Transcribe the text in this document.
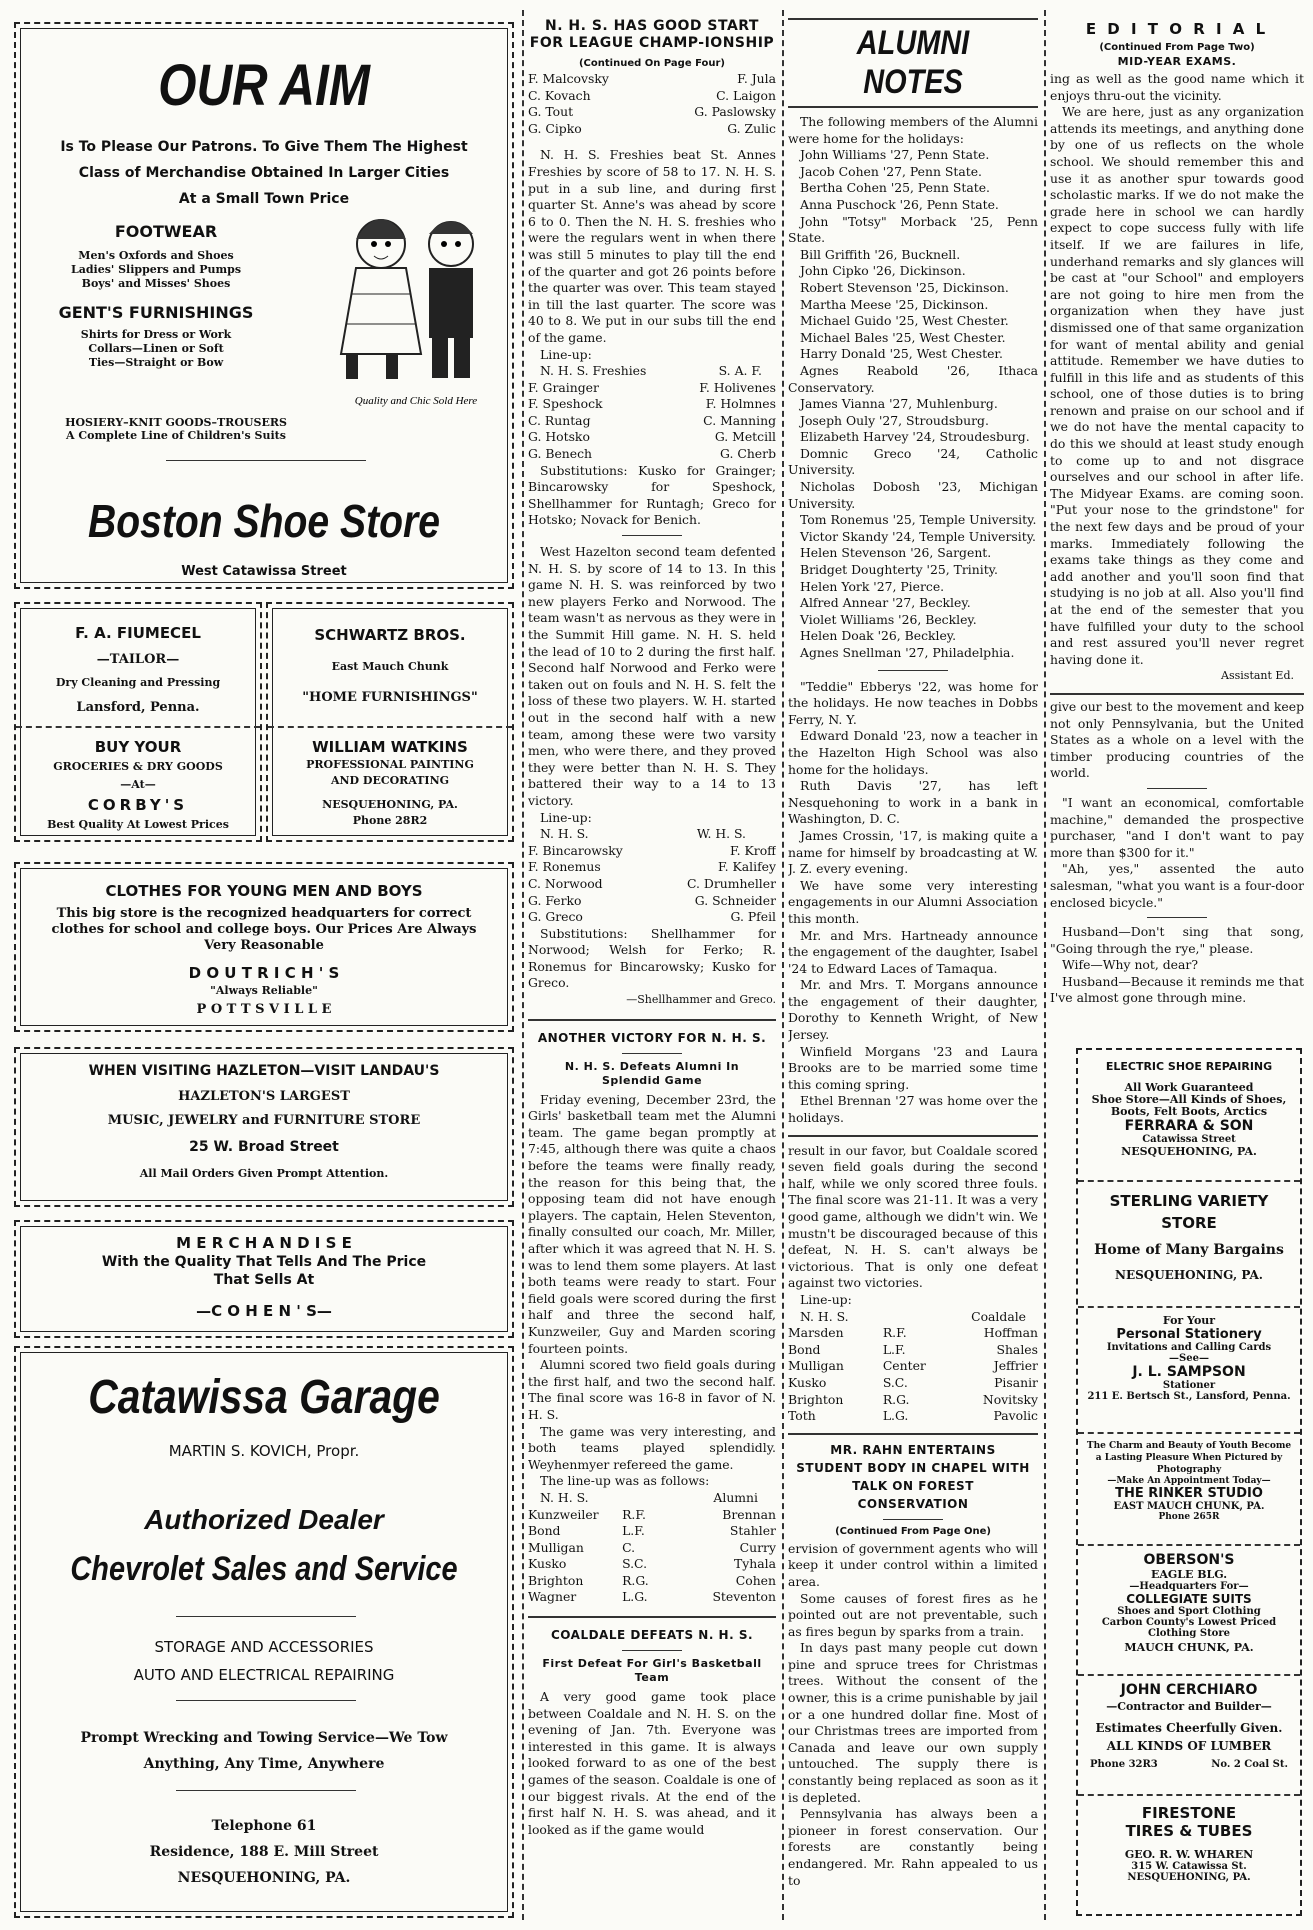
OUR AIM
Is To Please Our Patrons. To Give Them The Highest
Class of Merchandise Obtained In Larger Cities
At a Small Town Price
FOOTWEAR
Men's Oxfords and Shoes
Ladies' Slippers and Pumps
Boys' and Misses' Shoes
GENT'S FURNISHINGS
Shirts for Dress or Work
Collars—Linen or Soft
Ties—Straight or Bow
Quality and Chic Sold Here
HOSIERY–KNIT GOODS–TROUSERS
A Complete Line of Children's Suits
Boston Shoe Store
West Catawissa Street
F. A. FIUMECEL
—TAILOR—
Dry Cleaning and Pressing
Lansford, Penna.
BUY YOUR
GROCERIES & DRY GOODS
—At—
CORBY'S
Best Quality At Lowest Prices
SCHWARTZ BROS.
East Mauch Chunk
"HOME FURNISHINGS"
WILLIAM WATKINS
PROFESSIONAL PAINTING
AND DECORATING
NESQUEHONING, PA.
Phone 28R2
CLOTHES FOR YOUNG MEN AND BOYS
This big store is the recognized headquarters for correct clothes for school and college boys. Our Prices Are Always Very Reasonable
D O U T R I C H ' S
"Always Reliable"
P O T T S V I L L E
WHEN VISITING HAZLETON—VISIT LANDAU'S
HAZLETON'S LARGEST
MUSIC, JEWELRY and FURNITURE STORE
25 W. Broad Street
All Mail Orders Given Prompt Attention.
M E R C H A N D I S E
With the Quality That Tells And The Price
That Sells At
—C O H E N ' S—
Catawissa Garage
MARTIN S. KOVICH, Propr.
Authorized Dealer
Chevrolet Sales and Service
STORAGE AND ACCESSORIES
AUTO AND ELECTRICAL REPAIRING
Prompt Wrecking and Towing Service—We Tow
Anything, Any Time, Anywhere
Telephone 61
Residence, 188 E. Mill Street
NESQUEHONING, PA.
N. H. S. HAS GOOD START FOR LEAGUE CHAMP-IONSHIP
(Continued On Page Four)
F. Malcovsky	F. Jula
C. Kovach	C. Laigon
G. Tout	G. Paslowsky
G. Cipko	G. Zulic

N. H. S. Freshies beat St. Annes Freshies by score of 58 to 17. N. H. S. put in a sub line, and during first quarter St. Anne's was ahead by score 6 to 0. Then the N. H. S. freshies who were the regulars went in when there was still 5 minutes to play till the end of the quarter and got 26 points before the quarter was over. This team stayed in till the last quarter. The score was 40 to 8. We put in our subs till the end of the game.

Line-up:

N. H. S. Freshies	S. A. F.
F. Grainger	F. Holivenes
F. Speshock	F. Holmnes
C. Runtag	C. Manning
G. Hotsko	G. Metcill
G. Benech	G. Cherb

Substitutions: Kusko for Grainger; Bincarowsky for Speshock, Shellhammer for Runtagh; Greco for Hotsko; Novack for Benich.

West Hazelton second team defented N. H. S. by score of 14 to 13. In this game N. H. S. was reinforced by two new players Ferko and Norwood. The team wasn't as nervous as they were in the Summit Hill game. N. H. S. held the lead of 10 to 2 during the first half. Second half Norwood and Ferko were taken out on fouls and N. H. S. felt the loss of these two players. W. H. started out in the second half with a new team, among these were two varsity men, who were there, and they proved they were better than N. H. S. They battered their way to a 14 to 13 victory.

Line-up:

N. H. S.	W. H. S.
F. Bincarowsky	F. Kroff
F. Ronemus	F. Kalifey
C. Norwood	C. Drumheller
G. Ferko	G. Schneider
G. Greco	G. Pfeil

Substitutions: Shellhammer for Norwood; Welsh for Ferko; R. Ronemus for Bincarowsky; Kusko for Greco.

—Shellhammer and Greco.
ANOTHER VICTORY FOR N. H. S.
N. H. S. Defeats Alumni In Splendid Game

Friday evening, December 23rd, the Girls' basketball team met the Alumni team. The game began promptly at 7:45, although there was quite a chaos before the teams were finally ready, the reason for this being that, the opposing team did not have enough players. The captain, Helen Steventon, finally consulted our coach, Mr. Miller, after which it was agreed that N. H. S. was to lend them some players. At last both teams were ready to start. Four field goals were scored during the first half and three the second half, Kunzweiler, Guy and Marden scoring fourteen points.

Alumni scored two field goals during the first half, and two the second half. The final score was 16-8 in favor of N. H. S.

The game was very interesting, and both teams played splendidly. Weyhenmyer refereed the game.

The line-up was as follows:

N. H. S.	Alumni
Kunzweiler	R.F.	Brennan
Bond	L.F.	Stahler
Mulligan	C.	Curry
Kusko	S.C.	Tyhala
Brighton	R.G.	Cohen
Wagner	L.G.	Steventon
COALDALE DEFEATS N. H. S.
First Defeat For Girl's Basketball Team

A very good game took place between Coaldale and N. H. S. on the evening of Jan. 7th. Everyone was interested in this game. It is always looked forward to as one of the best games of the season. Coaldale is one of our biggest rivals. At the end of the first half N. H. S. was ahead, and it looked as if the game would

ALUMNI NOTES

The following members of the Alumni were home for the holidays:

John Williams '27, Penn State.

Jacob Cohen '27, Penn State.

Bertha Cohen '25, Penn State.

Anna Puschock '26, Penn State.

John "Totsy" Morback '25, Penn State.

Bill Griffith '26, Bucknell.

John Cipko '26, Dickinson.

Robert Stevenson '25, Dickinson.

Martha Meese '25, Dickinson.

Michael Guido '25, West Chester.

Michael Bales '25, West Chester.

Harry Donald '25, West Chester.

Agnes Reabold '26, Ithaca Conservatory.

James Vianna '27, Muhlenburg.

Joseph Ouly '27, Stroudsburg.

Elizabeth Harvey '24, Stroudesburg.

Domnic Greco '24, Catholic University.

Nicholas Dobosh '23, Michigan University.

Tom Ronemus '25, Temple University.

Victor Skandy '24, Temple University.

Helen Stevenson '26, Sargent.

Bridget Doughterty '25, Trinity.

Helen York '27, Pierce.

Alfred Annear '27, Beckley.

Violet Williams '26, Beckley.

Helen Doak '26, Beckley.

Agnes Snellman '27, Philadelphia.

"Teddie" Ebberys '22, was home for the holidays. He now teaches in Dobbs Ferry, N. Y.

Edward Donald '23, now a teacher in the Hazelton High School was also home for the holidays.

Ruth Davis '27, has left Nesquehoning to work in a bank in Washington, D. C.

James Crossin, '17, is making quite a name for himself by broadcasting at W. J. Z. every evening.

We have some very interesting engagements in our Alumni Association this month.

Mr. and Mrs. Hartneady announce the engagement of the daughter, Isabel '24 to Edward Laces of Tamaqua.

Mr. and Mrs. T. Morgans announce the engagement of their daughter, Dorothy to Kenneth Wright, of New Jersey.

Winfield Morgans '23 and Laura Brooks are to be married some time this coming spring.

Ethel Brennan '27 was home over the holidays.

result in our favor, but Coaldale scored seven field goals during the second half, while we only scored three fouls. The final score was 21-11. It was a very good game, although we didn't win. We mustn't be discouraged because of this defeat, N. H. S. can't always be victorious. That is only one defeat against two victories.

Line-up:

N. H. S.	Coaldale
Marsden	R.F.	Hoffman
Bond	L.F.	Shales
Mulligan	Center	Jeffrier
Kusko	S.C.	Pisanir
Brighton	R.G.	Novitsky
Toth	L.G.	Pavolic
MR. RAHN ENTERTAINS STUDENT BODY IN CHAPEL WITH TALK ON FOREST CONSERVATION
(Continued From Page One)

ervision of government agents who will keep it under control within a limited area.

Some causes of forest fires as he pointed out are not preventable, such as fires begun by sparks from a train.

In days past many people cut down pine and spruce trees for Christmas trees. Without the consent of the owner, this is a crime punishable by jail or a one hundred dollar fine. Most of our Christmas trees are imported from Canada and leave our own supply untouched. The supply there is constantly being replaced as soon as it is depleted.

Pennsylvania has always been a pioneer in forest conservation. Our forests are constantly being endangered. Mr. Rahn appealed to us to

E D I T O R I A L
(Continued From Page Two)
MID-YEAR EXAMS.

ing as well as the good name which it enjoys thru-out the vicinity.

We are here, just as any organization attends its meetings, and anything done by one of us reflects on the whole school. We should remember this and use it as another spur towards good scholastic marks. If we do not make the grade here in school we can hardly expect to cope success fully with life itself. If we are failures in life, underhand remarks and sly glances will be cast at "our School" and employers are not going to hire men from the organization when they have just dismissed one of that same organization for want of mental ability and genial attitude. Remember we have duties to fulfill in this life and as students of this school, one of those duties is to bring renown and praise on our school and if we do not have the mental capacity to do this we should at least study enough to come up to and not disgrace ourselves and our school in after life. The Midyear Exams. are coming soon. "Put your nose to the grindstone" for the next few days and be proud of your marks. Immediately following the exams take things as they come and add another and you'll soon find that studying is no job at all. Also you'll find at the end of the semester that you have fulfilled your duty to the school and rest assured you'll never regret having done it.

Assistant Ed.

give our best to the movement and keep not only Pennsylvania, but the United States as a whole on a level with the timber producing countries of the world.

"I want an economical, comfortable machine," demanded the prospective purchaser, "and I don't want to pay more than $300 for it."

"Ah, yes," assented the auto salesman, "what you want is a four-door enclosed bicycle."

Husband—Don't sing that song, "Going through the rye," please.

Wife—Why not, dear?

Husband—Because it reminds me that I've almost gone through mine.

ELECTRIC SHOE REPAIRING
All Work Guaranteed
Shoe Store—All Kinds of Shoes, Boots, Felt Boots, Arctics
FERRARA & SON
Catawissa Street
NESQUEHONING, PA.
STERLING VARIETY
STORE
Home of Many Bargains
NESQUEHONING, PA.
For Your
Personal Stationery
Invitations and Calling Cards
—See—
J. L. SAMPSON
Stationer
211 E. Bertsch St., Lansford, Penna.
The Charm and Beauty of Youth Become a Lasting Pleasure When Pictured by Photography
—Make An Appointment Today—
THE RINKER STUDIO
EAST MAUCH CHUNK, PA.
Phone 265R
OBERSON'S
EAGLE BLG.
—Headquarters For—
COLLEGIATE SUITS
Shoes and Sport Clothing
Carbon County's Lowest Priced Clothing Store
MAUCH CHUNK, PA.
JOHN CERCHIARO
—Contractor and Builder—
Estimates Cheerfully Given.
ALL KINDS OF LUMBER
Phone 32R3	No. 2 Coal St.
FIRESTONE
TIRES & TUBES
GEO. R. W. WHAREN
315 W. Catawissa St.
NESQUEHONING, PA.
